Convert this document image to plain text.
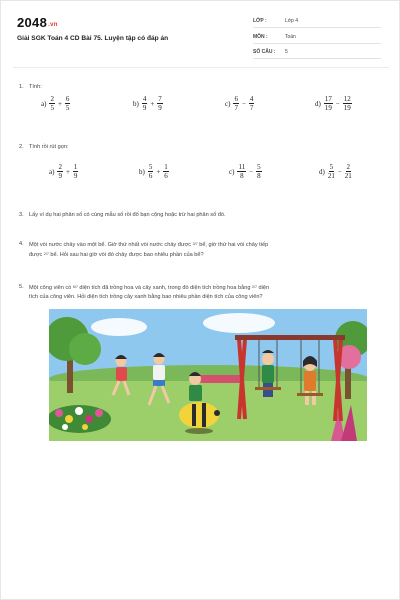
2048.vn
Giải SGK Toán 4 CD Bài 75. Luyện tập có đáp án
LỚP :	Lớp 4
MÔN :	Toán
SỐ CÂU : 5
1. Tính:
$a) \frac{2}{5} + \frac{6}{5}$	$b) \frac{4}{9} + \frac{7}{9}$	$c) \frac{6}{7} - \frac{4}{7}$	$d) \frac{17}{19} - \frac{12}{19}$
2. Tính rồi rút gọn:
$a) \frac{2}{9} + \frac{1}{9}$	$b) \frac{5}{6} + \frac{1}{6}$	$c) \frac{11}{8} - \frac{5}{8}$	$d) \frac{5}{21} - \frac{2}{21}$
3. Lấy ví dụ hai phân số có cùng mẫu số rồi đố bạn cộng hoặc trừ hai phân số đó.
4. Một vòi nước chảy vào một bể. Giờ thứ nhất vòi nước chảy được 3/7 bể, giờ thứ hai vòi chảy tiếp
được 2/7 bể. Hỏi sau hai giờ vòi đó chảy được bao nhiêu phần của bể?
5. Một công viên có 6/7 diện tích đã trồng hoa và cây xanh, trong đó diện tích trồng hoa bằng 2/7 diện
tích của công viên. Hỏi diện tích trồng cây xanh bằng bao nhiêu phần diện tích của công viên?
